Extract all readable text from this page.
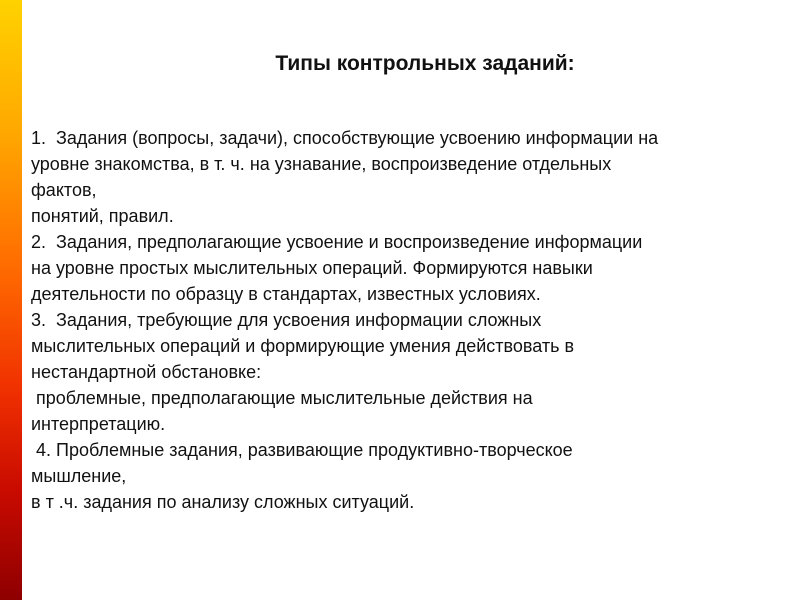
Типы контрольных заданий:
1.  Задания (вопросы, задачи), способствующие усвоению информации на
уровне знакомства, в т. ч. на узнавание, воспроизведение отдельных
фактов,
понятий, правил.
2.  Задания, предполагающие усвоение и воспроизведение информации
на уровне простых мыслительных операций. Формируются навыки
деятельности по образцу в стандартах, известных условиях.
3.  Задания, требующие для усвоения информации сложных
мыслительных операций и формирующие умения действовать в
нестандартной обстановке:
проблемные, предполагающие мыслительные действия на
интерпретацию.
4. Проблемные задания, развивающие продуктивно-творческое
мышление,
в т .ч. задания по анализу сложных ситуаций.
